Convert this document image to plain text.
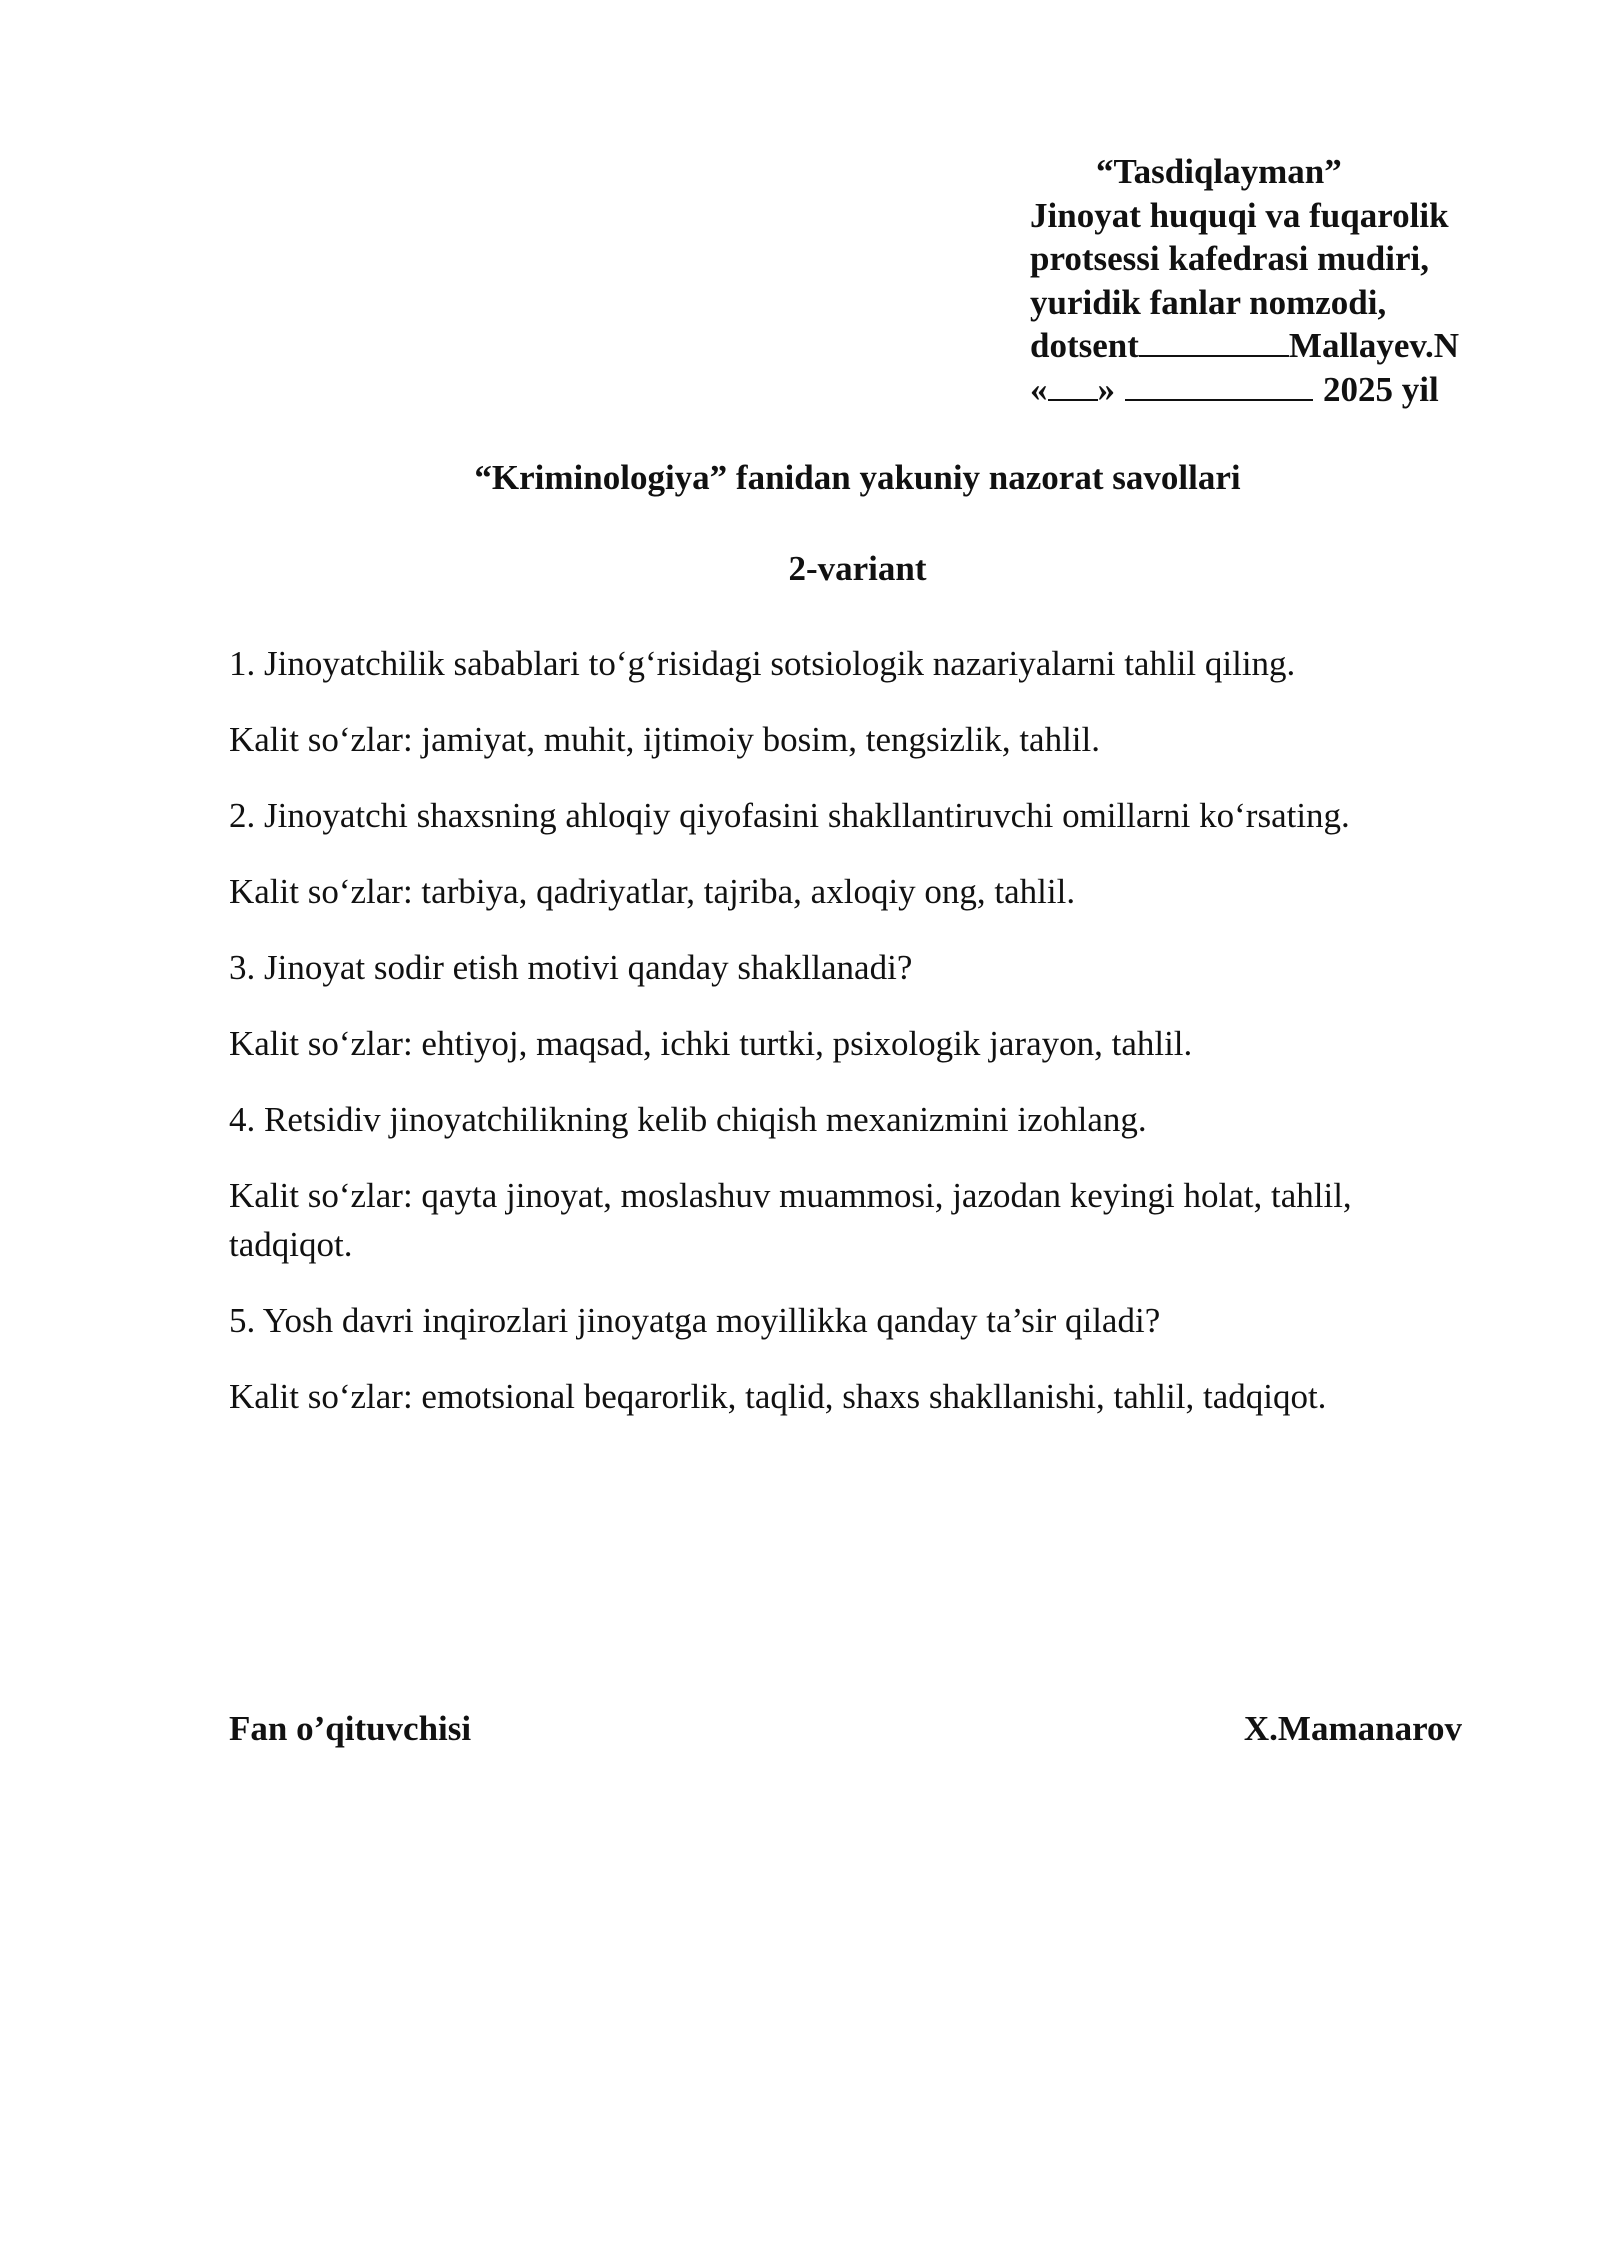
“Tasdiqlayman”
Jinoyat huquqi va fuqarolik
protsessi kafedrasi mudiri,
yuridik fanlar nomzodi,
dotsent	Mallayev.N
« »	2025 yil
“Kriminologiya” fanidan yakuniy nazorat savollari
2-variant

1. Jinoyatchilik sabablari to‘g‘risidagi sotsiologik nazariyalarni tahlil qiling.

Kalit so‘zlar: jamiyat, muhit, ijtimoiy bosim, tengsizlik, tahlil.

2. Jinoyatchi shaxsning ahloqiy qiyofasini shakllantiruvchi omillarni ko‘rsating.

Kalit so‘zlar: tarbiya, qadriyatlar, tajriba, axloqiy ong, tahlil.

3. Jinoyat sodir etish motivi qanday shakllanadi?

Kalit so‘zlar: ehtiyoj, maqsad, ichki turtki, psixologik jarayon, tahlil.

4. Retsidiv jinoyatchilikning kelib chiqish mexanizmini izohlang.

Kalit so‘zlar: qayta jinoyat, moslashuv muammosi, jazodan keyingi holat, tahlil, tadqiqot.

5. Yosh davri inqirozlari jinoyatga moyillikka qanday ta’sir qiladi?

Kalit so‘zlar: emotsional beqarorlik, taqlid, shaxs shakllanishi, tahlil, tadqiqot.

Fan o’qituvchisi	X.Mamanarov
